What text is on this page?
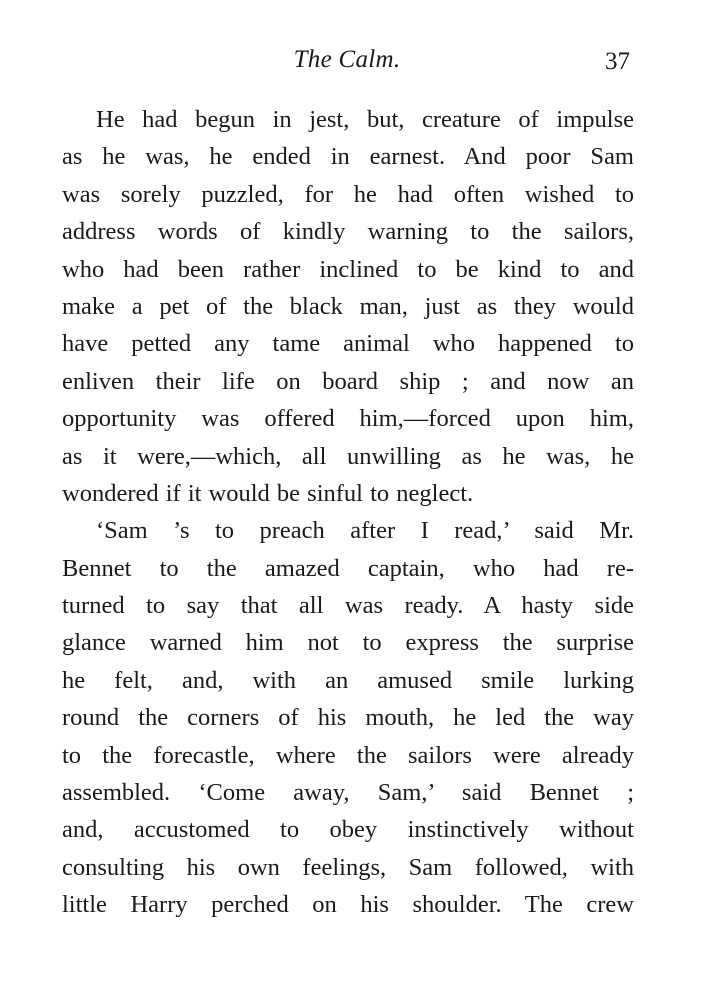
The Calm.	37
He had begun in jest, but, creature of impulse
as he was, he ended in earnest. And poor Sam
was sorely puzzled, for he had often wished to
address words of kindly warning to the sailors,
who had been rather inclined to be kind to and
make a pet of the black man, just as they would
have petted any tame animal who happened to
enliven their life on board ship ; and now an
opportunity was offered him,—forced upon him,
as it were,—which, all unwilling as he was, he
wondered if it would be sinful to neglect.
‘Sam ’s to preach after I read,’ said Mr.
Bennet to the amazed captain, who had re-
turned to say that all was ready. A hasty side
glance warned him not to express the surprise
he felt, and, with an amused smile lurking
round the corners of his mouth, he led the way
to the forecastle, where the sailors were already
assembled. ‘Come away, Sam,’ said Bennet ;
and, accustomed to obey instinctively without
consulting his own feelings, Sam followed, with
little Harry perched on his shoulder. The crew
